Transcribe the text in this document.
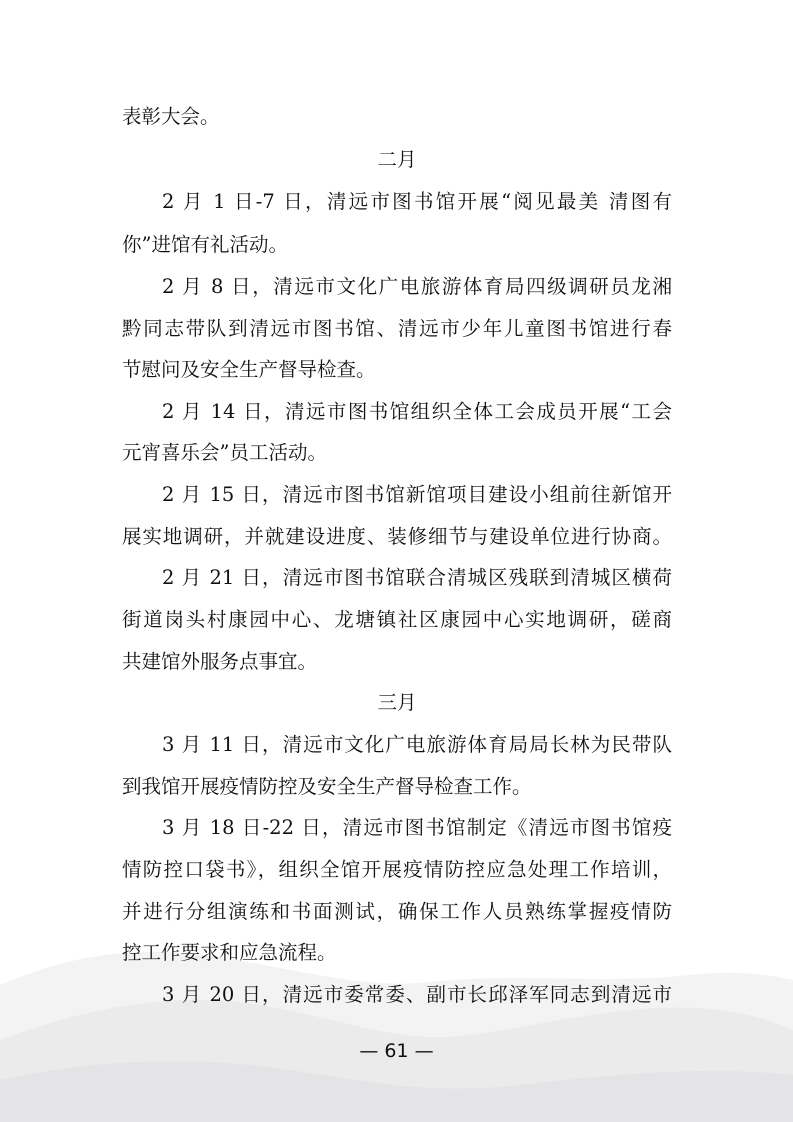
表彰大会。
二月
2 月 1 日-7 日，清远市图书馆开展“阅见最美 清图有
你”进馆有礼活动。
2 月 8 日，清远市文化广电旅游体育局四级调研员龙湘
黔同志带队到清远市图书馆、清远市少年儿童图书馆进行春
节慰问及安全生产督导检查。
2 月 14 日，清远市图书馆组织全体工会成员开展“工会
元宵喜乐会”员工活动。
2 月 15 日，清远市图书馆新馆项目建设小组前往新馆开
展实地调研，并就建设进度、装修细节与建设单位进行协商。
2 月 21 日，清远市图书馆联合清城区残联到清城区横荷
街道岗头村康园中心、龙塘镇社区康园中心实地调研，磋商
共建馆外服务点事宜。
三月
3 月 11 日，清远市文化广电旅游体育局局长林为民带队
到我馆开展疫情防控及安全生产督导检查工作。
3 月 18 日-22 日，清远市图书馆制定《清远市图书馆疫
情防控口袋书》，组织全馆开展疫情防控应急处理工作培训，
并进行分组演练和书面测试，确保工作人员熟练掌握疫情防
控工作要求和应急流程。
3 月 20 日，清远市委常委、副市长邱泽军同志到清远市
— 61 —
